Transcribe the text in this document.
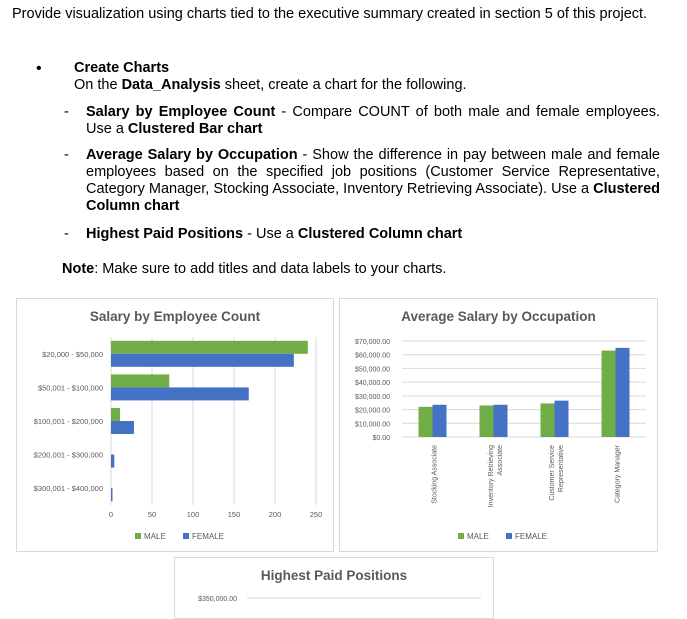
Provide visualization using charts tied to the executive summary created in section 5 of this project.

• Create Charts
On the Data_Analysis sheet, create a chart for the following.
- Salary by Employee Count - Compare COUNT of both male and female employees. Use a Clustered Bar chart
- Average Salary by Occupation - Show the difference in pay between male and female employees based on the specified job positions (Customer Service Representative, Category Manager, Stocking Associate, Inventory Retrieving Associate). Use a Clustered Column chart
- Highest Paid Positions - Use a Clustered Column chart
Note: Make sure to add titles and data labels to your charts.
Salary by Employee Count
0	50	100	150	200	250
$20,000 - $50,000
$50,001 - $100,000
$100,001 - $200,000
$200,001 - $300,000
$300,001 - $400,000
MALE	FEMALE
Average Salary by Occupation
$0.00
$10,000.00
$20,000.00
$30,000.00
$40,000.00
$50,000.00
$60,000.00
$70,000.00
Stocking Associate	Inventory Retrieving Associate	Customer Service Representative	Category Manager
MALE	FEMALE
Highest Paid Positions
$350,000.00
